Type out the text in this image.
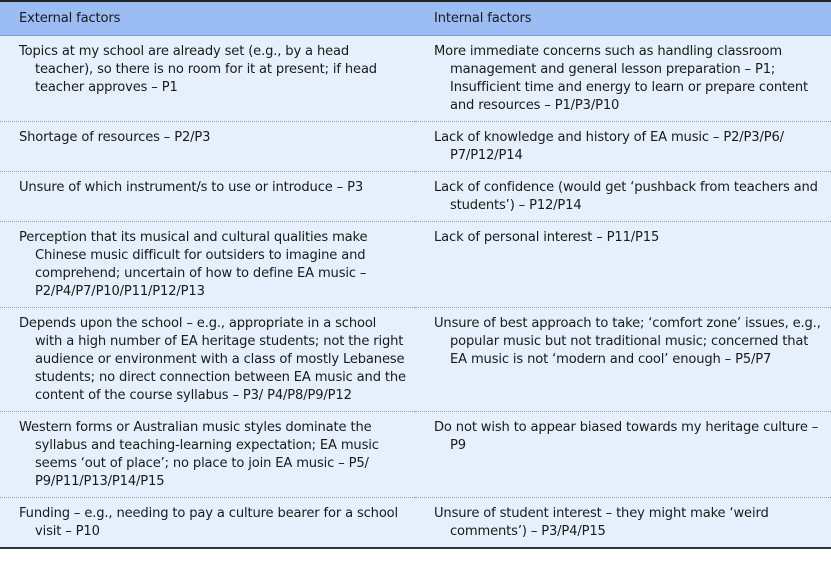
External factors	Internal factors

Topics at my school are already set (e.g., by a head teacher), so there is no room for it at present; if head teacher approves – P1	More immediate concerns such as handling classroom management and general lesson preparation – P1; Insufficient time and energy to learn or prepare content and resources – P1/P3/P10

Shortage of resources – P2/P3	Lack of knowledge and history of EA music – P2/P3/P6/ P7/P12/P14

Unsure of which instrument/s to use or introduce – P3	Lack of confidence (would get ‘pushback from teachers and students’) – P12/P14

Perception that its musical and cultural qualities make Chinese music difficult for outsiders to imagine and comprehend; uncertain of how to define EA music – P2/P4/P7/P10/P11/P12/P13	Lack of personal interest – P11/P15

Depends upon the school – e.g., appropriate in a school with a high number of EA heritage students; not the right audience or environment with a class of mostly Lebanese students; no direct connection between EA music and the content of the course syllabus – P3/ P4/P8/P9/P12	Unsure of best approach to take; ‘comfort zone’ issues, e.g., popular music but not traditional music; concerned that EA music is not ‘modern and cool’ enough – P5/P7

Western forms or Australian music styles dominate the syllabus and teaching-learning expectation; EA music seems ‘out of place’; no place to join EA music – P5/ P9/P11/P13/P14/P15	Do not wish to appear biased towards my heritage culture – P9

Funding – e.g., needing to pay a culture bearer for a school visit – P10	Unsure of student interest – they might make ‘weird comments’) – P3/P4/P15
